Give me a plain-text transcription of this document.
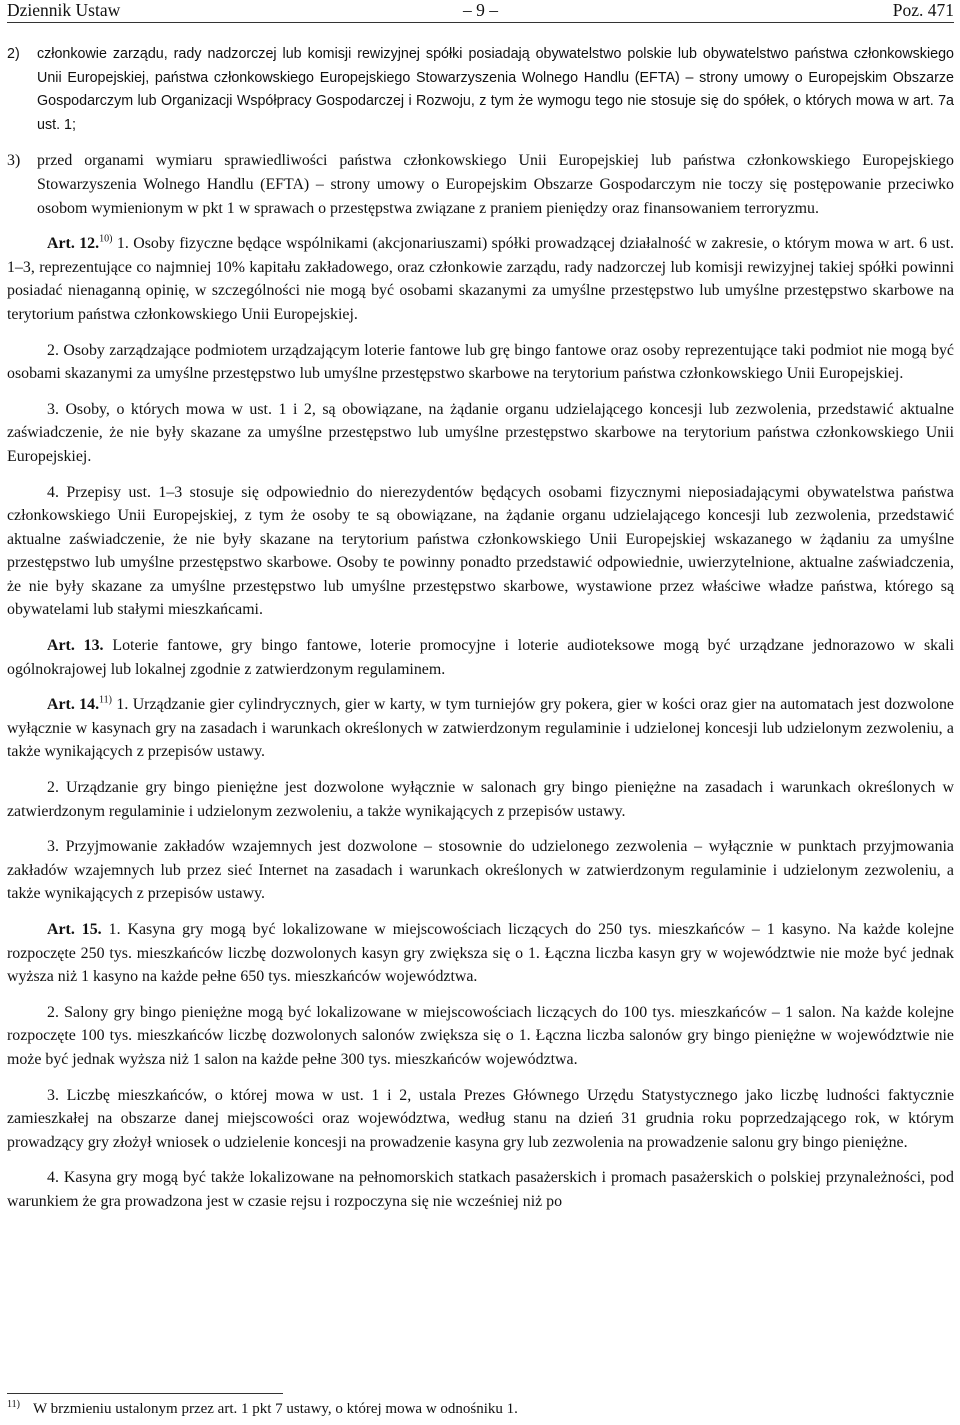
Dziennik Ustaw	– 9 –	Poz. 471
2)	członkowie zarządu, rady nadzorczej lub komisji rewizyjnej spółki posiadają obywatelstwo polskie lub obywatelstwo państwa członkowskiego Unii Europejskiej, państwa członkowskiego Europejskiego Stowarzyszenia Wolnego Handlu (EFTA) – strony umowy o Europejskim Obszarze Gospodarczym lub Organizacji Współpracy Gospodarczej i Rozwoju, z tym że wymogu tego nie stosuje się do spółek, o których mowa w art. 7a ust. 1;
3)	przed organami wymiaru sprawiedliwości państwa członkowskiego Unii Europejskiej lub państwa członkowskiego Europejskiego Stowarzyszenia Wolnego Handlu (EFTA) – strony umowy o Europejskim Obszarze Gospodarczym nie toczy się postępowanie przeciwko osobom wymienionym w pkt 1 w sprawach o przestępstwa związane z praniem pieniędzy oraz finansowaniem terroryzmu.

Art. 12.$^{10)}$ 1. Osoby fizyczne będące wspólnikami (akcjonariuszami) spółki prowadzącej działalność w zakresie, o którym mowa w art. 6 ust. 1–3, reprezentujące co najmniej 10% kapitału zakładowego, oraz członkowie zarządu, rady nadzorczej lub komisji rewizyjnej takiej spółki powinni posiadać nienaganną opinię, w szczególności nie mogą być osobami skazanymi za umyślne przestępstwo lub umyślne przestępstwo skarbowe na terytorium państwa członkowskiego Unii Europejskiej.

2. Osoby zarządzające podmiotem urządzającym loterie fantowe lub grę bingo fantowe oraz osoby reprezentujące taki podmiot nie mogą być osobami skazanymi za umyślne przestępstwo lub umyślne przestępstwo skarbowe na terytorium państwa członkowskiego Unii Europejskiej.

3. Osoby, o których mowa w ust. 1 i 2, są obowiązane, na żądanie organu udzielającego koncesji lub zezwolenia, przedstawić aktualne zaświadczenie, że nie były skazane za umyślne przestępstwo lub umyślne przestępstwo skarbowe na terytorium państwa członkowskiego Unii Europejskiej.

4. Przepisy ust. 1–3 stosuje się odpowiednio do nierezydentów będących osobami fizycznymi nieposiadającymi obywatelstwa państwa członkowskiego Unii Europejskiej, z tym że osoby te są obowiązane, na żądanie organu udzielającego koncesji lub zezwolenia, przedstawić aktualne zaświadczenie, że nie były skazane na terytorium państwa członkowskiego Unii Europejskiej wskazanego w żądaniu za umyślne przestępstwo lub umyślne przestępstwo skarbowe. Osoby te powinny ponadto przedstawić odpowiednie, uwierzytelnione, aktualne zaświadczenia, że nie były skazane za umyślne przestępstwo lub umyślne przestępstwo skarbowe, wystawione przez właściwe władze państwa, którego są obywatelami lub stałymi mieszkańcami.

Art. 13. Loterie fantowe, gry bingo fantowe, loterie promocyjne i loterie audioteksowe mogą być urządzane jednorazowo w skali ogólnokrajowej lub lokalnej zgodnie z zatwierdzonym regulaminem.

Art. 14.$^{11)}$ 1. Urządzanie gier cylindrycznych, gier w karty, w tym turniejów gry pokera, gier w kości oraz gier na automatach jest dozwolone wyłącznie w kasynach gry na zasadach i warunkach określonych w zatwierdzonym regulaminie i udzielonej koncesji lub udzielonym zezwoleniu, a także wynikających z przepisów ustawy.

2. Urządzanie gry bingo pieniężne jest dozwolone wyłącznie w salonach gry bingo pieniężne na zasadach i warunkach określonych w zatwierdzonym regulaminie i udzielonym zezwoleniu, a także wynikających z przepisów ustawy.

3. Przyjmowanie zakładów wzajemnych jest dozwolone – stosownie do udzielonego zezwolenia – wyłącznie w punktach przyjmowania zakładów wzajemnych lub przez sieć Internet na zasadach i warunkach określonych w zatwierdzonym regulaminie i udzielonym zezwoleniu, a także wynikających z przepisów ustawy.

Art. 15. 1. Kasyna gry mogą być lokalizowane w miejscowościach liczących do 250 tys. mieszkańców – 1 kasyno. Na każde kolejne rozpoczęte 250 tys. mieszkańców liczbę dozwolonych kasyn gry zwiększa się o 1. Łączna liczba kasyn gry w województwie nie może być jednak wyższa niż 1 kasyno na każde pełne 650 tys. mieszkańców województwa.

2. Salony gry bingo pieniężne mogą być lokalizowane w miejscowościach liczących do 100 tys. mieszkańców – 1 salon. Na każde kolejne rozpoczęte 100 tys. mieszkańców liczbę dozwolonych salonów zwiększa się o 1. Łączna liczba salonów gry bingo pieniężne w województwie nie może być jednak wyższa niż 1 salon na każde pełne 300 tys. mieszkańców województwa.

3. Liczbę mieszkańców, o której mowa w ust. 1 i 2, ustala Prezes Głównego Urzędu Statystycznego jako liczbę ludności faktycznie zamieszkałej na obszarze danej miejscowości oraz województwa, według stanu na dzień 31 grudnia roku poprzedzającego rok, w którym prowadzący gry złożył wniosek o udzielenie koncesji na prowadzenie kasyna gry lub zezwolenia na prowadzenie salonu gry bingo pieniężne.

4. Kasyna gry mogą być także lokalizowane na pełnomorskich statkach pasażerskich i promach pasażerskich o polskiej przynależności, pod warunkiem że gra prowadzona jest w czasie rejsu i rozpoczyna się nie wcześniej niż po

11) W brzmieniu ustalonym przez art. 1 pkt 7 ustawy, o której mowa w odnośniku 1.
